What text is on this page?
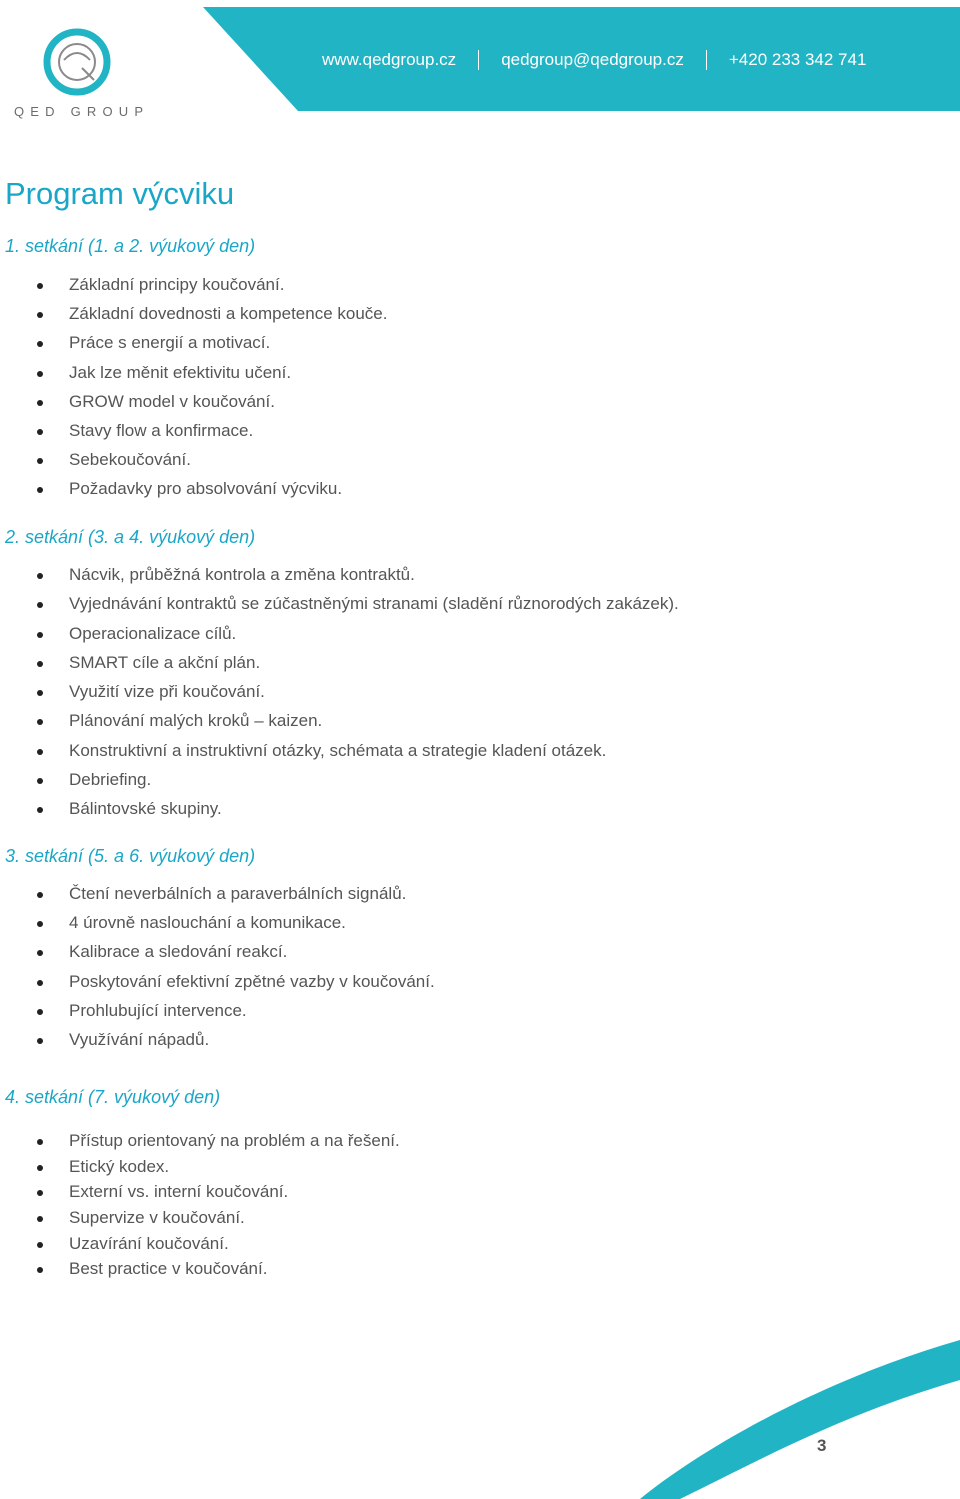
www.qedgroup.cz	qedgroup@qedgroup.cz	+420 233 342 741
QED GROUP
Program výcviku
1. setkání (1. a 2. výukový den)
Základní principy koučování.
Základní dovednosti a kompetence kouče.
Práce s energií a motivací.
Jak lze měnit efektivitu učení.
GROW model v koučování.
Stavy flow a konfirmace.
Sebekoučování.
Požadavky pro absolvování výcviku.
2. setkání (3. a 4. výukový den)
Nácvik, průběžná kontrola a změna kontraktů.
Vyjednávání kontraktů se zúčastněnými stranami (sladění různorodých zakázek).
Operacionalizace cílů.
SMART cíle a akční plán.
Využití vize při koučování.
Plánování malých kroků – kaizen.
Konstruktivní a instruktivní otázky, schémata a strategie kladení otázek.
Debriefing.
Bálintovské skupiny.
3. setkání (5. a 6. výukový den)
Čtení neverbálních a paraverbálních signálů.
4 úrovně naslouchání a komunikace.
Kalibrace a sledování reakcí.
Poskytování efektivní zpětné vazby v koučování.
Prohlubující intervence.
Využívání nápadů.
4. setkání (7. výukový den)
Přístup orientovaný na problém a na řešení.
Etický kodex.
Externí vs. interní koučování.
Supervize v koučování.
Uzavírání koučování.
Best practice v koučování.
3
